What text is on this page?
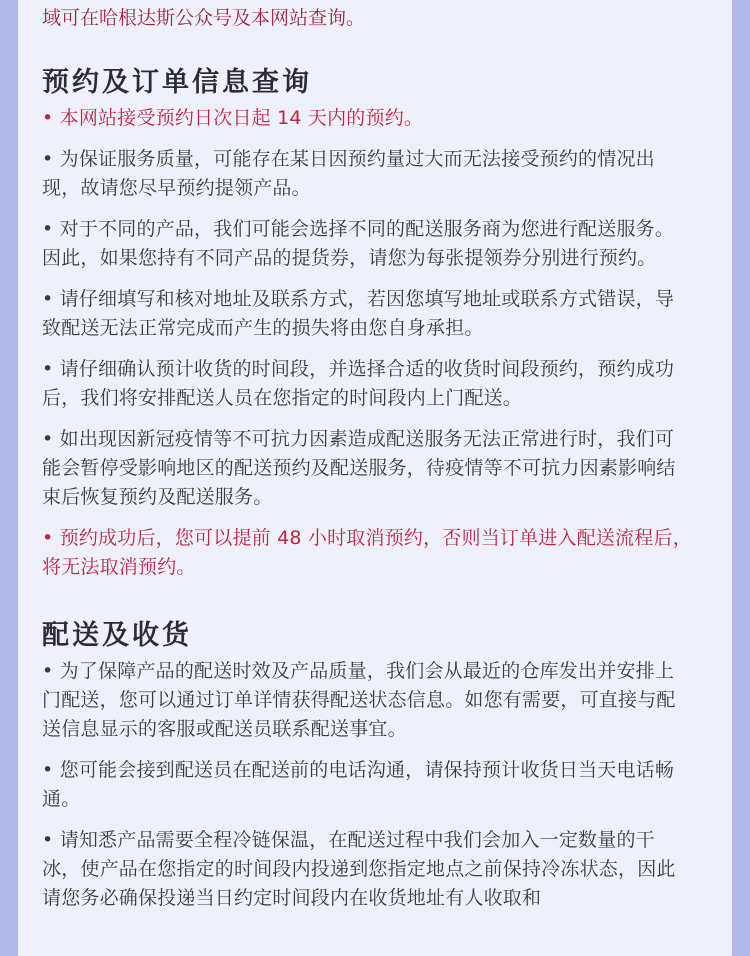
域可在哈根达斯公众号及本网站查询。

预约及订单信息查询

• 本网站接受预约日次日起 14 天内的预约。

• 为保证服务质量，可能存在某日因预约量过大而无法接受预约的情况出现，故请您尽早预约提领产品。

• 对于不同的产品，我们可能会选择不同的配送服务商为您进行配送服务。因此，如果您持有不同产品的提货券，请您为每张提领券分别进行预约。

• 请仔细填写和核对地址及联系方式，若因您填写地址或联系方式错误，导致配送无法正常完成而产生的损失将由您自身承担。

• 请仔细确认预计收货的时间段，并选择合适的收货时间段预约，预约成功后，我们将安排配送人员在您指定的时间段内上门配送。

• 如出现因新冠疫情等不可抗力因素造成配送服务无法正常进行时，我们可能会暂停受影响地区的配送预约及配送服务，待疫情等不可抗力因素影响结束后恢复预约及配送服务。

• 预约成功后，您可以提前 48 小时取消预约，否则当订单进入配送流程后，将无法取消预约。

配送及收货

• 为了保障产品的配送时效及产品质量，我们会从最近的仓库发出并安排上门配送，您可以通过订单详情获得配送状态信息。如您有需要，可直接与配送信息显示的客服或配送员联系配送事宜。

• 您可能会接到配送员在配送前的电话沟通，请保持预计收货日当天电话畅通。

• 请知悉产品需要全程冷链保温，在配送过程中我们会加入一定数量的干冰，使产品在您指定的时间段内投递到您指定地点之前保持冷冻状态，因此请您务必确保投递当日约定时间段内在收货地址有人收取和
